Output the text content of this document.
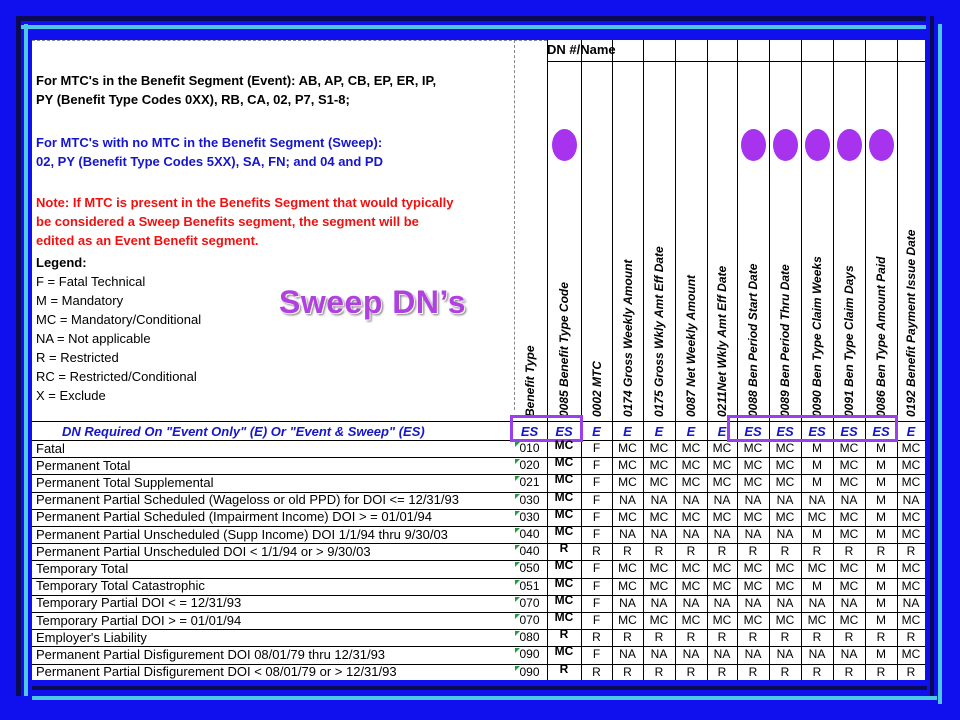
DN #/Name
For MTC's in the Benefit Segment (Event): AB, AP, CB, EP, ER, IP,
PY (Benefit Type Codes 0XX), RB, CA, 02, P7, S1-8;
For MTC's with no MTC in the Benefit Segment (Sweep):
02, PY (Benefit Type Codes 5XX), SA, FN; and 04 and PD
Note: If MTC is present in the Benefits Segment that would typically
be considered a Sweep Benefits segment, the segment will be
edited as an Event Benefit segment.
Legend:
F = Fatal Technical
M = Mandatory
MC = Mandatory/Conditional
NA = Not applicable
R = Restricted
RC = Restricted/Conditional
X = Exclude
Sweep DN’s
Benefit Type 0085 Benefit Type Code 0002 MTC 0174 Gross Weekly Amount 0175 Gross Wkly Amt Eff Date 0087 Net Weekly Amount 0211Net Wkly Amt Eff Date 0088 Ben Period Start Date 0089 Ben Period Thru Date 0090 Ben Type Claim Weeks 0091 Ben Type Claim Days 0086 Ben Type Amount Paid 0192 Benefit Payment Issue Date
DN Required On "Event Only" (E) Or "Event & Sweep" (ES)	ES	ES	E	E	E	E	E	ES	ES	ES	ES	ES	E
Fatal	010	MC	F	MC	MC	MC	MC	MC	MC	M	MC	M	MC
Permanent Total	020	MC	F	MC	MC	MC	MC	MC	MC	M	MC	M	MC
Permanent Total Supplemental	021	MC	F	MC	MC	MC	MC	MC	MC	M	MC	M	MC
Permanent Partial Scheduled (Wageloss or old PPD) for DOI <= 12/31/93	030	MC	F	NA	NA	NA	NA	NA	NA	NA	NA	M	NA
Permanent Partial Scheduled (Impairment Income) DOI > = 01/01/94	030	MC	F	MC	MC	MC	MC	MC	MC	MC	MC	M	MC
Permanent Partial Unscheduled (Supp Income) DOI 1/1/94 thru 9/30/03	040	MC	F	NA	NA	NA	NA	NA	NA	M	MC	M	MC
Permanent Partial Unscheduled DOI < 1/1/94 or > 9/30/03	040	R	R	R	R	R	R	R	R	R	R	R	R
Temporary Total	050	MC	F	MC	MC	MC	MC	MC	MC	MC	MC	M	MC
Temporary Total Catastrophic	051	MC	F	MC	MC	MC	MC	MC	MC	M	MC	M	MC
Temporary Partial DOI < = 12/31/93	070	MC	F	NA	NA	NA	NA	NA	NA	NA	NA	M	NA
Temporary Partial DOI > = 01/01/94	070	MC	F	MC	MC	MC	MC	MC	MC	MC	MC	M	MC
Employer's Liability	080	R	R	R	R	R	R	R	R	R	R	R	R
Permanent Partial Disfigurement DOI 08/01/79 thru 12/31/93	090	MC	F	NA	NA	NA	NA	NA	NA	NA	NA	M	MC
Permanent Partial Disfigurement DOI < 08/01/79 or > 12/31/93	090	R	R	R	R	R	R	R	R	R	R	R	R
